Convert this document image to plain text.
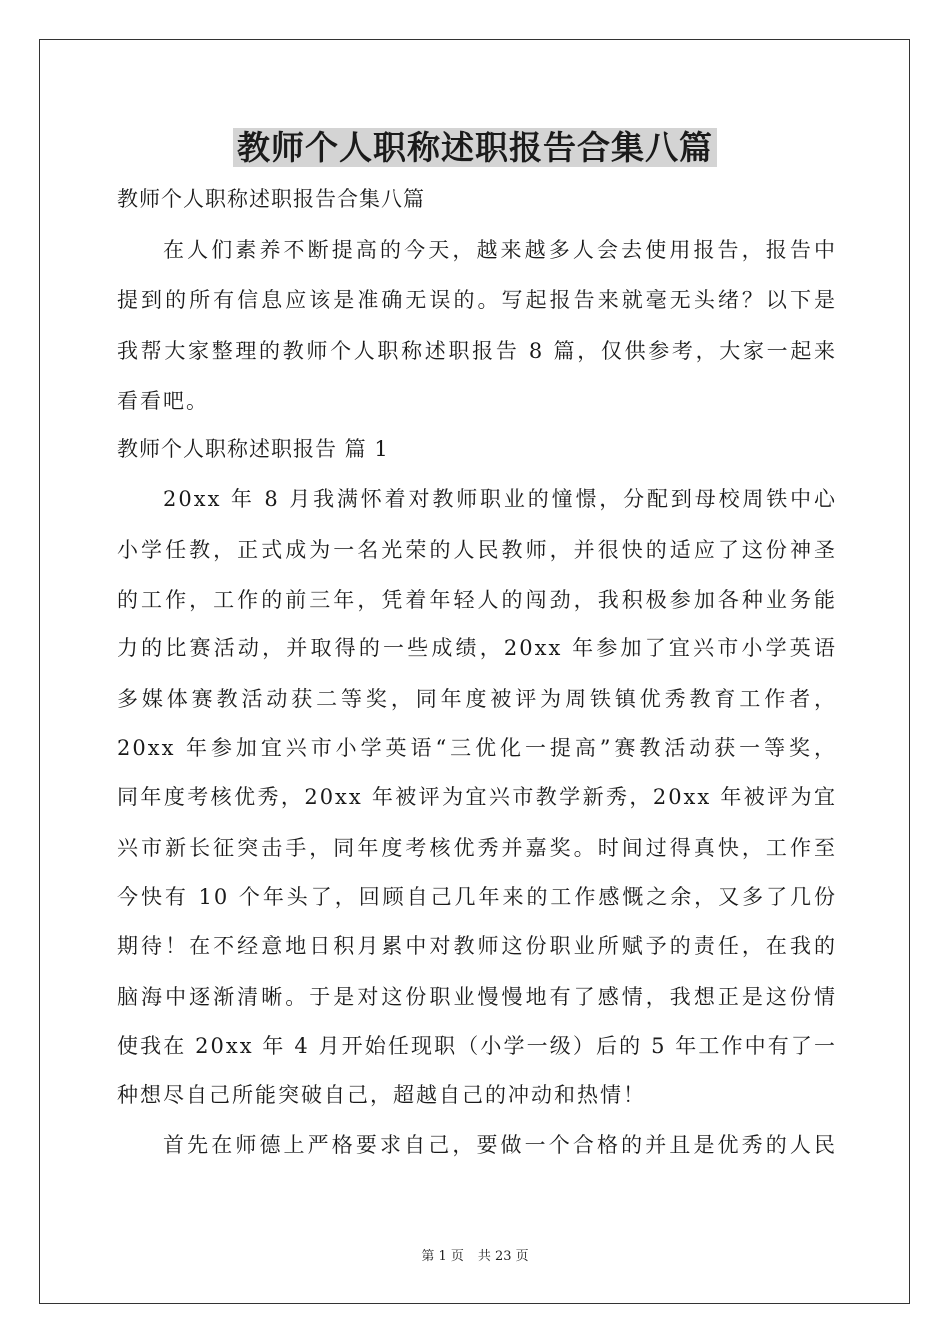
教师个人职称述职报告合集八篇
教师个人职称述职报告合集八篇
在人们素养不断提高的今天，越来越多人会去使用报告，报告中
提到的所有信息应该是准确无误的。写起报告来就毫无头绪？以下是
我帮大家整理的教师个人职称述职报告 8 篇，仅供参考，大家一起来
看看吧。
教师个人职称述职报告 篇 1
20xx 年 8 月我满怀着对教师职业的憧憬，分配到母校周铁中心
小学任教，正式成为一名光荣的人民教师，并很快的适应了这份神圣
的工作，工作的前三年，凭着年轻人的闯劲，我积极参加各种业务能
力的比赛活动，并取得的一些成绩，20xx 年参加了宜兴市小学英语
多媒体赛教活动获二等奖，同年度被评为周铁镇优秀教育工作者，
20xx 年参加宜兴市小学英语“三优化一提高”赛教活动获一等奖，
同年度考核优秀，20xx 年被评为宜兴市教学新秀，20xx 年被评为宜
兴市新长征突击手，同年度考核优秀并嘉奖。时间过得真快，工作至
今快有 10 个年头了，回顾自己几年来的工作感慨之余，又多了几份
期待！在不经意地日积月累中对教师这份职业所赋予的责任，在我的
脑海中逐渐清晰。于是对这份职业慢慢地有了感情，我想正是这份情
使我在 20xx 年 4 月开始任现职（小学一级）后的 5 年工作中有了一
种想尽自己所能突破自己，超越自己的冲动和热情！
首先在师德上严格要求自己，要做一个合格的并且是优秀的人民
第 1 页 共 23 页
